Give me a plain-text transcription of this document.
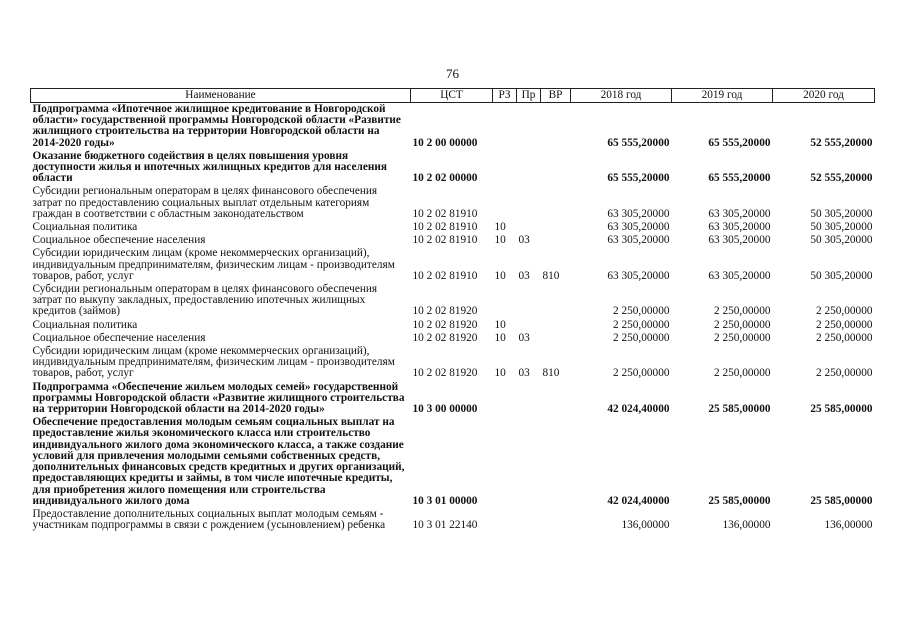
76
Наименование	ЦСТ	РЗ	Пр	ВР	2018 год	2019 год	2020 год
Подпрограмма «Ипотечное жилищное кредитование в Новгородской области» государственной программы Новгородской области «Развитие жилищного строительства на территории Новгородской области на 2014-2020 годы»	10 2 00 00000				65 555,20000	65 555,20000	52 555,20000
Оказание бюджетного содействия в целях повышения уровня доступности жилья и ипотечных жилищных кредитов для населения области	10 2 02 00000				65 555,20000	65 555,20000	52 555,20000
Субсидии региональным операторам в целях финансового обеспечения затрат по предоставлению социальных выплат отдельным категориям граждан в соответствии с областным законодательством	10 2 02 81910				63 305,20000	63 305,20000	50 305,20000
Социальная политика	10 2 02 81910	10			63 305,20000	63 305,20000	50 305,20000
Социальное обеспечение населения	10 2 02 81910	10	03		63 305,20000	63 305,20000	50 305,20000
Субсидии юридическим лицам (кроме некоммерческих организаций), индивидуальным предпринимателям, физическим лицам - производителям товаров, работ, услуг	10 2 02 81910	10	03	810	63 305,20000	63 305,20000	50 305,20000
Субсидии региональным операторам в целях финансового обеспечения затрат по выкупу закладных, предоставлению ипотечных жилищных кредитов (займов)	10 2 02 81920				2 250,00000	2 250,00000	2 250,00000
Социальная политика	10 2 02 81920	10			2 250,00000	2 250,00000	2 250,00000
Социальное обеспечение населения	10 2 02 81920	10	03		2 250,00000	2 250,00000	2 250,00000
Субсидии юридическим лицам (кроме некоммерческих организаций), индивидуальным предпринимателям, физическим лицам - производителям товаров, работ, услуг	10 2 02 81920	10	03	810	2 250,00000	2 250,00000	2 250,00000
Подпрограмма «Обеспечение жильем молодых семей» государственной программы Новгородской области «Развитие жилищного строительства на территории Новгородской области на 2014-2020 годы»	10 3 00 00000				42 024,40000	25 585,00000	25 585,00000
Обеспечение предоставления молодым семьям социальных выплат на предоставление жилья экономического класса или строительство индивидуального жилого дома экономического класса, а также создание условий для привлечения молодыми семьями собственных средств, дополнительных финансовых средств кредитных и других организаций, предоставляющих кредиты и займы, в том числе ипотечные кредиты, для приобретения жилого помещения или строительства индивидуального жилого дома	10 3 01 00000				42 024,40000	25 585,00000	25 585,00000
Предоставление дополнительных социальных выплат молодым семьям - участникам подпрограммы в связи с рождением (усыновлением) ребенка	10 3 01 22140				136,00000	136,00000	136,00000
